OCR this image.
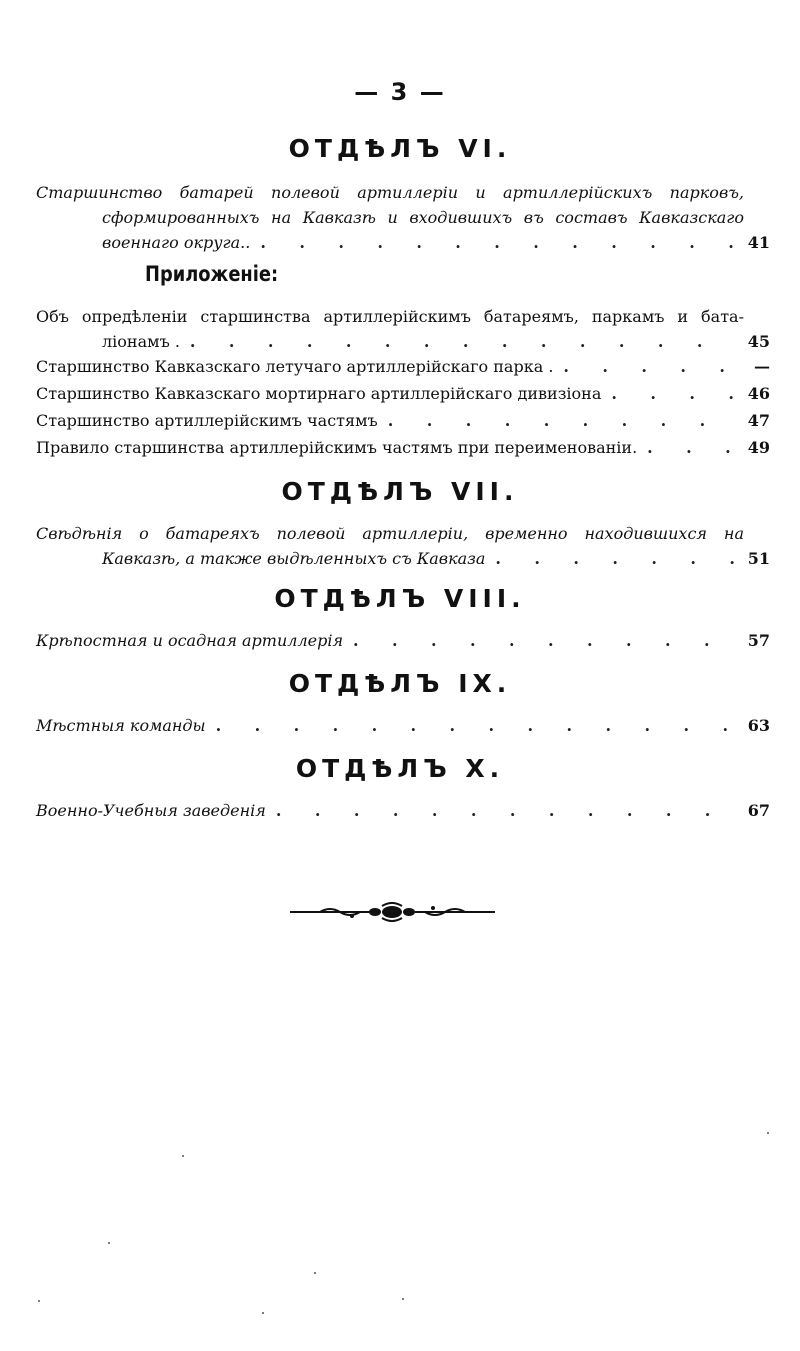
— 3 —
ОТДѢЛЪ VI.
Старшинство батарей полевой артиллеріи и артиллерійскихъ парковъ,
сформированныхъ на Кавказѣ и входившихъ въ составъ Кавказскаго
военнаго округа.. .	41
Приложеніе:
Объ опредѣленіи старшинства артиллерійскимъ батареямъ, паркамъ и бата-
ліонамъ . .	45
Старшинство Кавказскаго летучаго артиллерійскаго парка . .	—
Старшинство Кавказскаго мортирнаго артиллерійскаго дивизіона .	46
Старшинство артиллерійскимъ частямъ .	47
Правило старшинства артиллерійскимъ частямъ при переименованіи. .	49
ОТДѢЛЪ VII.
Свѣдѣнія о батареяхъ полевой артиллеріи, временно находившихся на
Кавказѣ, а также выдѣленныхъ съ Кавказа .	51
ОТДѢЛЪ VIII.
Крѣпостная и осадная артиллерія .	57
ОТДѢЛЪ IX.
Мѣстныя команды .	63
ОТДѢЛЪ X.
Военно-Учебныя заведенія .	67
